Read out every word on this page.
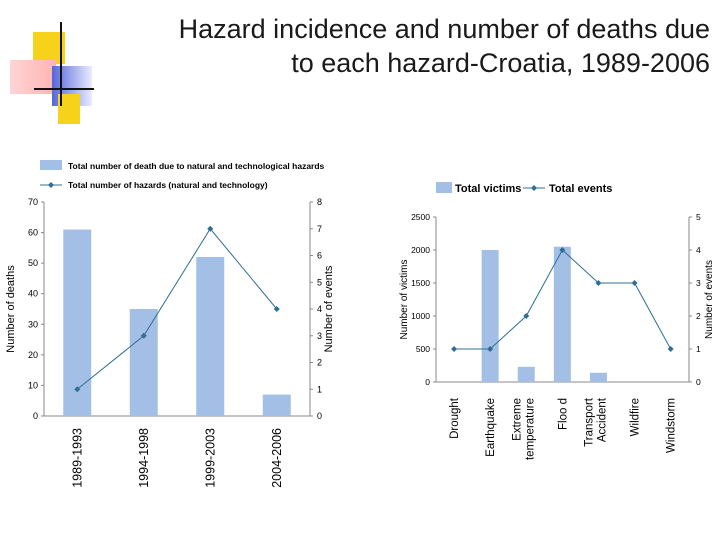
Hazard incidence and number of deaths due
to each hazard-Croatia, 1989-2006
0
10
20
30
40
50
60
70
0
1
2
3
4
5
6
7
8
1989-1993	1994-1998	1999-2003	2004-2006
Number of deaths	Number of events
Total number of death due to natural and technological hazards
Total number of hazards (natural and technology)
0
500
1000
1500
2000
2500
0
1
2
3
4
5
Drought Earthquake Extremetemperature Floo d TransportAccident Wildfire Windstorm
Number of victims	Number of events
Total victims	Total events
